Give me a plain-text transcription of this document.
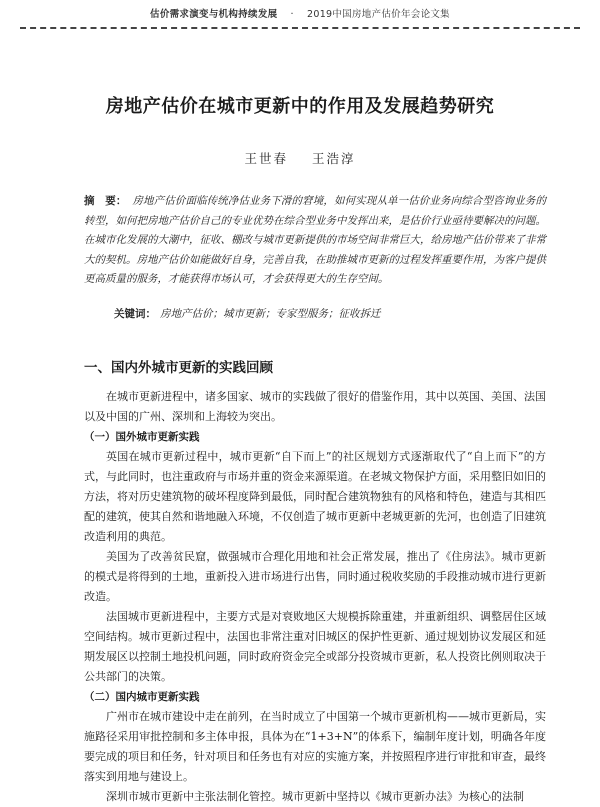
估价需求演变与机构持续发展 　·　 2019中国房地产估价年会论文集
房地产估价在城市更新中的作用及发展趋势研究
王世春 王浩淳
摘　要： 房地产估价面临传统净估业务下滑的窘境，如何实现从单一估价业务向综合型咨询业务的转型，如何把房地产估价自己的专业优势在综合型业务中发挥出来，是估价行业亟待要解决的问题。在城市化发展的大潮中，征收、棚改与城市更新提供的市场空间非常巨大，给房地产估价带来了非常大的契机。房地产估价如能做好自身，完善自我，在助推城市更新的过程发挥重要作用，为客户提供更高质量的服务，才能获得市场认可，才会获得更大的生存空间。
关键词： 房地产估价；城市更新；专家型服务；征收拆迁
一、国内外城市更新的实践回顾

在城市更新进程中，诸多国家、城市的实践做了很好的借鉴作用，其中以英国、美国、法国以及中国的广州、深圳和上海较为突出。

（一）国外城市更新实践

英国在城市更新过程中，城市更新“自下而上”的社区规划方式逐渐取代了“自上而下”的方式，与此同时，也注重政府与市场并重的资金来源渠道。在老城文物保护方面，采用整旧如旧的方法，将对历史建筑物的破坏程度降到最低，同时配合建筑物独有的风格和特色，建造与其相匹配的建筑，使其自然和谐地融入环境，不仅创造了城市更新中老城更新的先河，也创造了旧建筑改造利用的典范。

美国为了改善贫民窟，做强城市合理化用地和社会正常发展，推出了《住房法》。城市更新的模式是将得到的土地，重新投入进市场进行出售，同时通过税收奖励的手段推动城市进行更新改造。

法国城市更新进程中，主要方式是对衰败地区大规模拆除重建，并重新组织、调整居住区域空间结构。城市更新过程中，法国也非常注重对旧城区的保护性更新、通过规划协议发展区和延期发展区以控制土地投机问题，同时政府资金完全或部分投资城市更新，私人投资比例则取决于公共部门的决策。

（二）国内城市更新实践

广州市在城市建设中走在前列，在当时成立了中国第一个城市更新机构——城市更新局，实施路径采用审批控制和多主体申报，具体为在“1+3+N”的体系下，编制年度计划，明确各年度要完成的项目和任务，针对项目和任务也有对应的实施方案，并按照程序进行审批和审查，最终落实到用地与建设上。

深圳市城市更新中主张法制化管控。城市更新中坚持以《城市更新办法》为核心的法制
